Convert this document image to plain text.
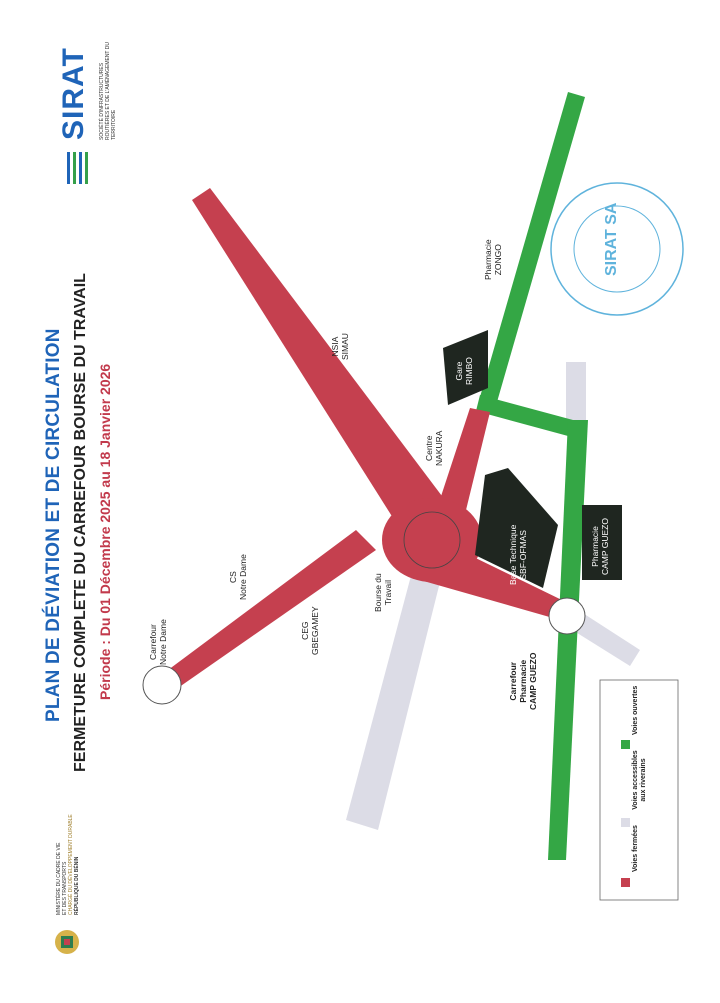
SIRAT SOCIÉTÉ D'INFRASTRUCTURES ROUTIÈRES ET DE L'AMÉNAGEMENT DU TERRITOIRE
PLAN DE DÉVIATION ET DE CIRCULATION FERMETURE COMPLETE DU CARREFOUR BOURSE DU TRAVAIL Période : Du 01 Décembre 2025 au 18 Janvier 2026
MINISTÈRE DU CADRE DE VIE ET DES TRANSPORTS CHARGÉ DU DÉVELOPPEMENT DURABLE RÉPUBLIQUE DU BÉNIN
SIRAT SA
Carrefour
Notre Dame
CS
Notre Dame
CEG
GBEGAMEY
Bourse du
Travail
NSIA
SIMAU
Centre
NAKURA
Pharmacie
ZONGO
Gare
RIMBO
Base Technique
SBF-OFMAS	Pharmacie
CAMP GUEZO
Carrefour
Pharmacie
CAMP GUEZO
Voies fermées
Voies accessibles aux riverains
Voies ouvertes
